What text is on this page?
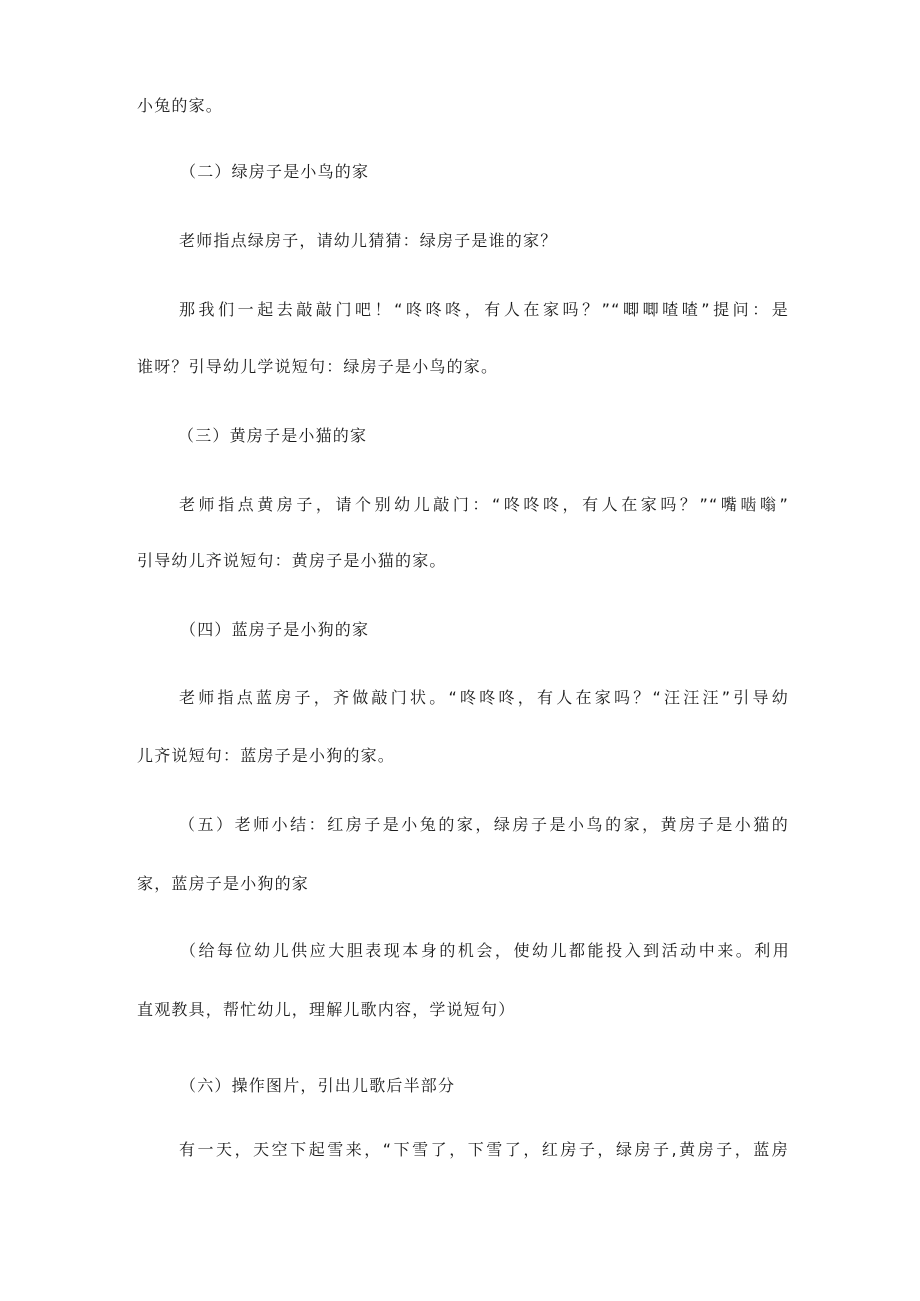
小兔的家。
（二）绿房子是小鸟的家
老师指点绿房子，请幼儿猜猜：绿房子是谁的家？
那我们一起去敲敲门吧！“咚咚咚，有人在家吗？”“唧唧喳喳”提问：是
谁呀？引导幼儿学说短句：绿房子是小鸟的家。
（三）黄房子是小猫的家
老师指点黄房子，请个别幼儿敲门：“咚咚咚，有人在家吗？”“嘴啮嗡”
引导幼儿齐说短句：黄房子是小猫的家。
（四）蓝房子是小狗的家
老师指点蓝房子，齐做敲门状。“咚咚咚，有人在家吗？“汪汪汪”引导幼
儿齐说短句：蓝房子是小狗的家。
（五）老师小结：红房子是小兔的家，绿房子是小鸟的家，黄房子是小猫的
家，蓝房子是小狗的家
（给每位幼儿供应大胆表现本身的机会，使幼儿都能投入到活动中来。利用
直观教具，帮忙幼儿，理解儿歌内容，学说短句）
（六）操作图片，引出儿歌后半部分
有一天，天空下起雪来，“下雪了，下雪了，红房子，绿房子,黄房子，蓝房
